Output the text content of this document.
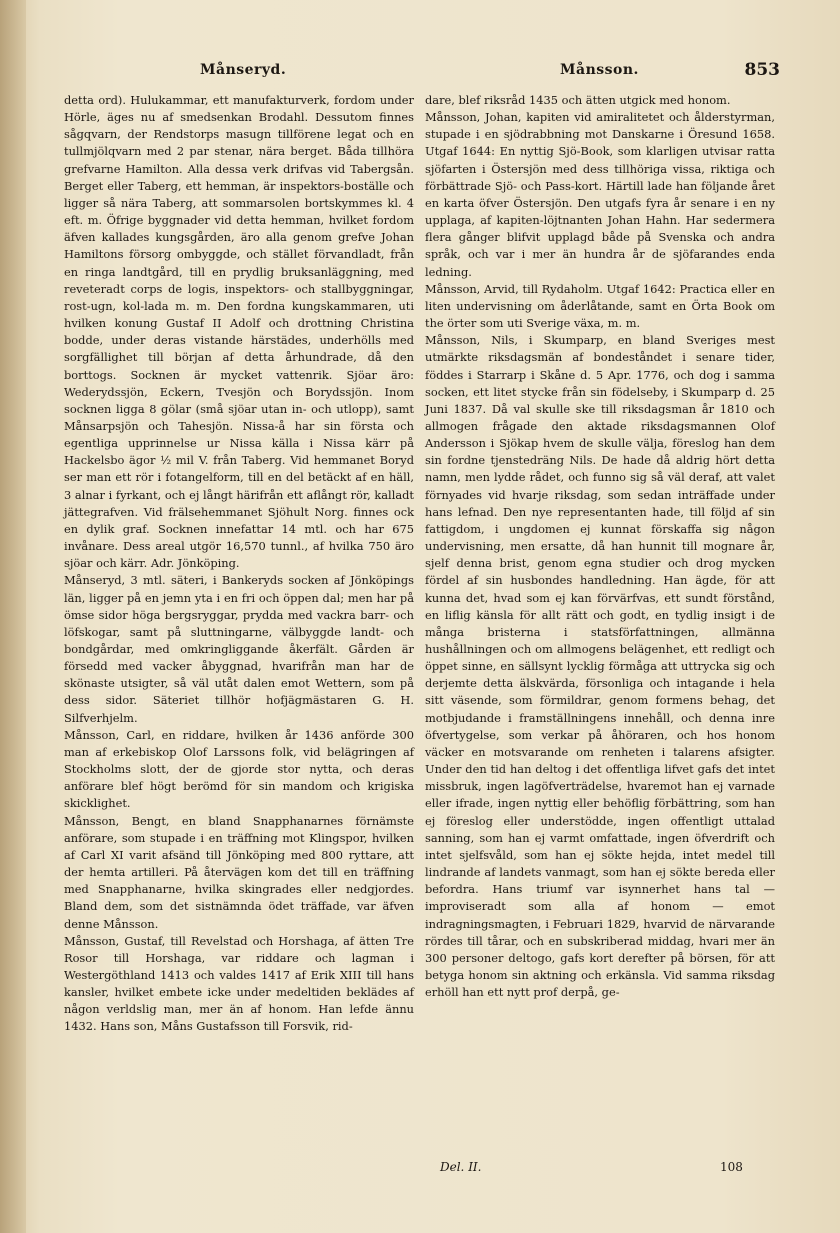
Månseryd.	Månsson.	853

detta ord). Hulukammar, ett manufakturverk, fordom under Hörle, äges nu af smedsenkan Brodahl. Dessutom finnes sågqvarn, der Rendstorps masugn tillförene legat och en tullmjölqvarn med 2 par stenar, nära berget. Båda tillhöra grefvarne Hamilton. Alla dessa verk drifvas vid Tabergsån. Berget eller Taberg, ett hemman, är inspektors-boställe och ligger så nära Taberg, att sommarsolen bortskymmes kl. 4 eft. m. Öfrige byggnader vid detta hemman, hvilket fordom äfven kallades kungsgården, äro alla genom grefve Johan Hamiltons försorg ombyggde, och stället förvandladt, från en ringa landtgård, till en prydlig bruksanläggning, med reveteradt corps de logis, inspektors- och stallbyggningar, rost-ugn, kol-lada m. m. Den fordna kungskammaren, uti hvilken konung Gustaf II Adolf och drottning Christina bodde, under deras vistande härstädes, underhölls med sorgfällighet till början af detta århundrade, då den borttogs. Socknen är mycket vattenrik. Sjöar äro: Wederydssjön, Eckern, Tvesjön och Borydssjön. Inom socknen ligga 8 gölar (små sjöar utan in- och utlopp), samt Månsarpsjön och Tahesjön. Nissa-å har sin första och egentliga upprinnelse ur Nissa källa i Nissa kärr på Hackelsbo ägor ½ mil V. från Taberg. Vid hemmanet Boryd ser man ett rör i fotangelform, till en del betäckt af en häll, 3 alnar i fyrkant, och ej långt härifrån ett aflångt rör, kalladt jättegrafven. Vid frälsehemmanet Sjöhult Norg. finnes ock en dylik graf. Socknen innefattar 14 mtl. och har 675 invånare. Dess areal utgör 16,570 tunnl., af hvilka 750 äro sjöar och kärr. Adr. Jönköping.

Månseryd, 3 mtl. säteri, i Bankeryds socken af Jönköpings län, ligger på en jemn yta i en fri och öppen dal; men har på ömse sidor höga bergsryggar, prydda med vackra barr- och löfskogar, samt på sluttningarne, välbyggde landt- och bondgårdar, med omkringliggande åkerfält. Gården är försedd med vacker åbyggnad, hvarifrån man har de skönaste utsigter, så väl utåt dalen emot Wettern, som på dess sidor. Säteriet tillhör hofjägmästaren G. H. Silfverhjelm.

Månsson, Carl, en riddare, hvilken år 1436 anförde 300 man af erkebiskop Olof Larssons folk, vid belägringen af Stockholms slott, der de gjorde stor nytta, och deras anförare blef högt berömd för sin mandom och krigiska skicklighet.

Månsson, Bengt, en bland Snapphanarnes förnämste anförare, som stupade i en träffning mot Klingspor, hvilken af Carl XI varit afsänd till Jönköping med 800 ryttare, att der hemta artilleri. På återvägen kom det till en träffning med Snapphanarne, hvilka skingrades eller nedgjordes. Bland dem, som det sistnämnda ödet träffade, var äfven denne Månsson.

Månsson, Gustaf, till Revelstad och Horshaga, af ätten Tre Rosor till Horshaga, var riddare och lagman i Westergöthland 1413 och valdes 1417 af Erik XIII till hans kansler, hvilket embete icke under medeltiden beklädes af någon verldslig man, mer än af honom. Han lefde ännu 1432. Hans son, Måns Gustafsson till Forsvik, rid-

dare, blef riksråd 1435 och ätten utgick med honom.

Månsson, Johan, kapiten vid amiralitetet och ålderstyrman, stupade i en sjödrabbning mot Danskarne i Öresund 1658. Utgaf 1644: En nyttig Sjö-Book, som klarligen utvisar ratta sjöfarten i Östersjön med dess tillhöriga vissa, riktiga och förbättrade Sjö- och Pass-kort. Härtill lade han följande året en karta öfver Östersjön. Den utgafs fyra år senare i en ny upplaga, af kapiten-löjtnanten Johan Hahn. Har sedermera flera gånger blifvit upplagd både på Svenska och andra språk, och var i mer än hundra år de sjöfarandes enda ledning.

Månsson, Arvid, till Rydaholm. Utgaf 1642: Practica eller en liten undervisning om åderlåtande, samt en Örta Book om the örter som uti Sverige växa, m. m.

Månsson, Nils, i Skumparp, en bland Sveriges mest utmärkte riksdagsmän af bondeståndet i senare tider, föddes i Starrarp i Skåne d. 5 Apr. 1776, och dog i samma socken, ett litet stycke från sin födelseby, i Skumparp d. 25 Juni 1837. Då val skulle ske till riksdagsman år 1810 och allmogen frågade den aktade riksdagsmannen Olof Andersson i Sjökap hvem de skulle välja, föreslog han dem sin fordne tjenstedräng Nils. De hade då aldrig hört detta namn, men lydde rådet, och funno sig så väl deraf, att valet förnyades vid hvarje riksdag, som sedan inträffade under hans lefnad. Den nye representanten hade, till följd af sin fattigdom, i ungdomen ej kunnat förskaffa sig någon undervisning, men ersatte, då han hunnit till mognare år, sjelf denna brist, genom egna studier och drog mycken fördel af sin husbondes handledning. Han ägde, för att kunna det, hvad som ej kan förvärfvas, ett sundt förstånd, en liflig känsla för allt rätt och godt, en tydlig insigt i de många bristerna i statsförfattningen, allmänna hushållningen och om allmogens belägenhet, ett redligt och öppet sinne, en sällsynt lycklig förmåga att uttrycka sig och derjemte detta älskvärda, försonliga och intagande i hela sitt väsende, som förmildrar, genom formens behag, det motbjudande i framställningens innehåll, och denna inre öfvertygelse, som verkar på åhöraren, och hos honom väcker en motsvarande om renheten i talarens afsigter. Under den tid han deltog i det offentliga lifvet gafs det intet missbruk, ingen lagöfverträdelse, hvaremot han ej varnade eller ifrade, ingen nyttig eller behöflig förbättring, som han ej föreslog eller understödde, ingen offentligt uttalad sanning, som han ej varmt omfattade, ingen öfverdrift och intet sjelfsvåld, som han ej sökte hejda, intet medel till lindrande af landets vanmagt, som han ej sökte bereda eller befordra. Hans triumf var isynnerhet hans tal — improviseradt som alla af honom — emot indragningsmagten, i Februari 1829, hvarvid de närvarande rördes till tårar, och en subskriberad middag, hvari mer än 300 personer deltogo, gafs kort derefter på börsen, för att betyga honom sin aktning och erkänsla. Vid samma riksdag erhöll han ett nytt prof derpå, ge-

Del. II.	108
